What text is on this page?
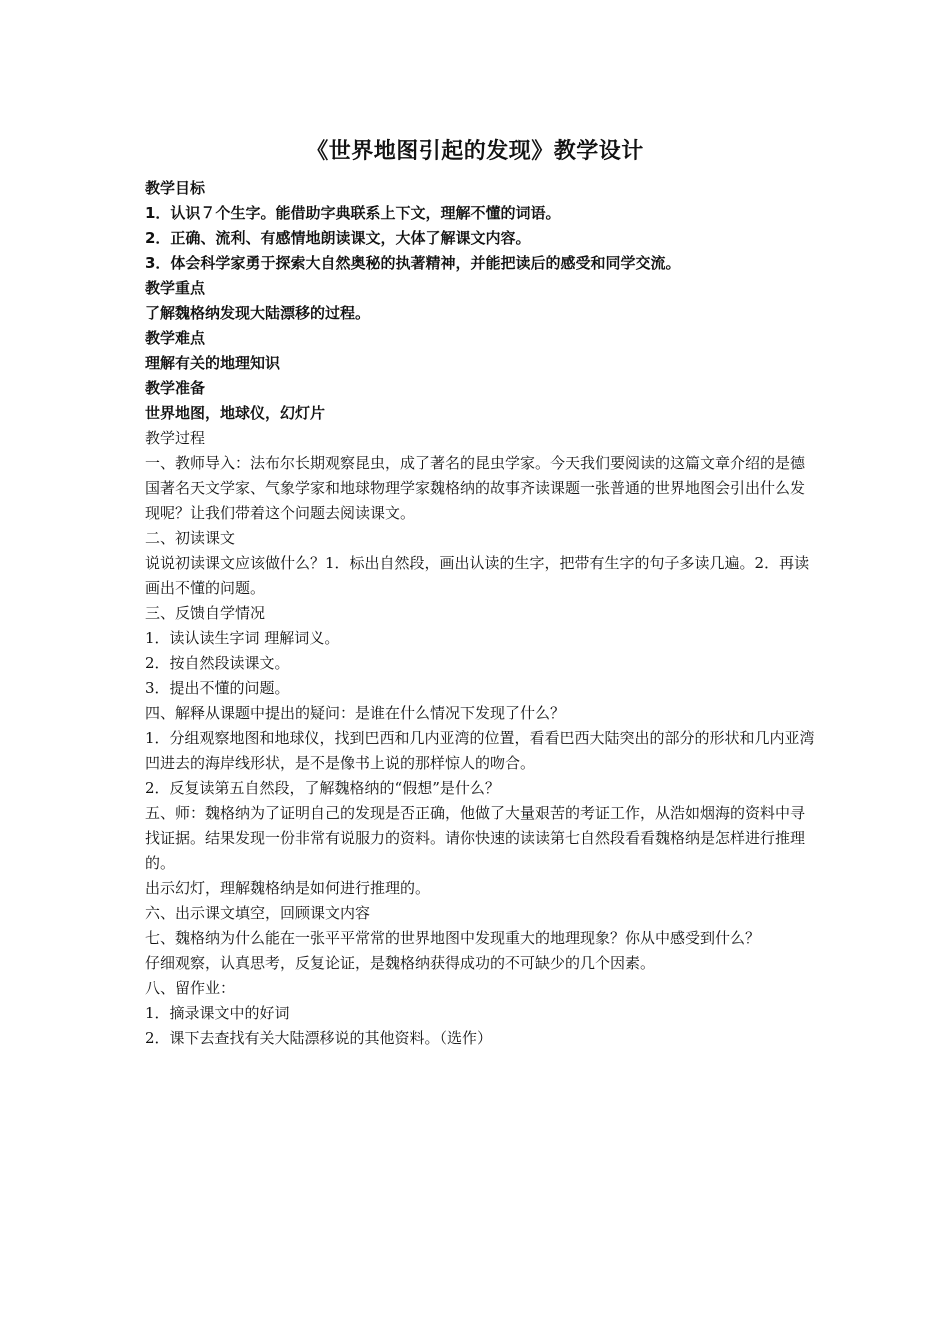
《世界地图引起的发现》教学设计

教学目标

1．认识７个生字。能借助字典联系上下文，理解不懂的词语。

2．正确、流利、有感情地朗读课文，大体了解课文内容。

3．体会科学家勇于探索大自然奥秘的执著精神，并能把读后的感受和同学交流。

教学重点

了解魏格纳发现大陆漂移的过程。

教学难点

理解有关的地理知识

教学准备

世界地图，地球仪，幻灯片

教学过程

一、教师导入：法布尔长期观察昆虫，成了著名的昆虫学家。今天我们要阅读的这篇文章介绍的是德国著名天文学家、气象学家和地球物理学家魏格纳的故事齐读课题一张普通的世界地图会引出什么发现呢？让我们带着这个问题去阅读课文。

二、初读课文

说说初读课文应该做什么？1．标出自然段，画出认读的生字，把带有生字的句子多读几遍。2．再读画出不懂的问题。

三、反馈自学情况

1．读认读生字词 理解词义。

2．按自然段读课文。

3．提出不懂的问题。

四、解释从课题中提出的疑问：是谁在什么情况下发现了什么？

1．分组观察地图和地球仪，找到巴西和几内亚湾的位置，看看巴西大陆突出的部分的形状和几内亚湾凹进去的海岸线形状，是不是像书上说的那样惊人的吻合。

2．反复读第五自然段，了解魏格纳的“假想”是什么？

五、师：魏格纳为了证明自己的发现是否正确，他做了大量艰苦的考证工作，从浩如烟海的资料中寻找证据。结果发现一份非常有说服力的资料。请你快速的读读第七自然段看看魏格纳是怎样进行推理的。

出示幻灯，理解魏格纳是如何进行推理的。

六、出示课文填空，回顾课文内容

七、魏格纳为什么能在一张平平常常的世界地图中发现重大的地理现象？你从中感受到什么？

仔细观察，认真思考，反复论证，是魏格纳获得成功的不可缺少的几个因素。

八、留作业：

1．摘录课文中的好词

2．课下去查找有关大陆漂移说的其他资料。（选作）
